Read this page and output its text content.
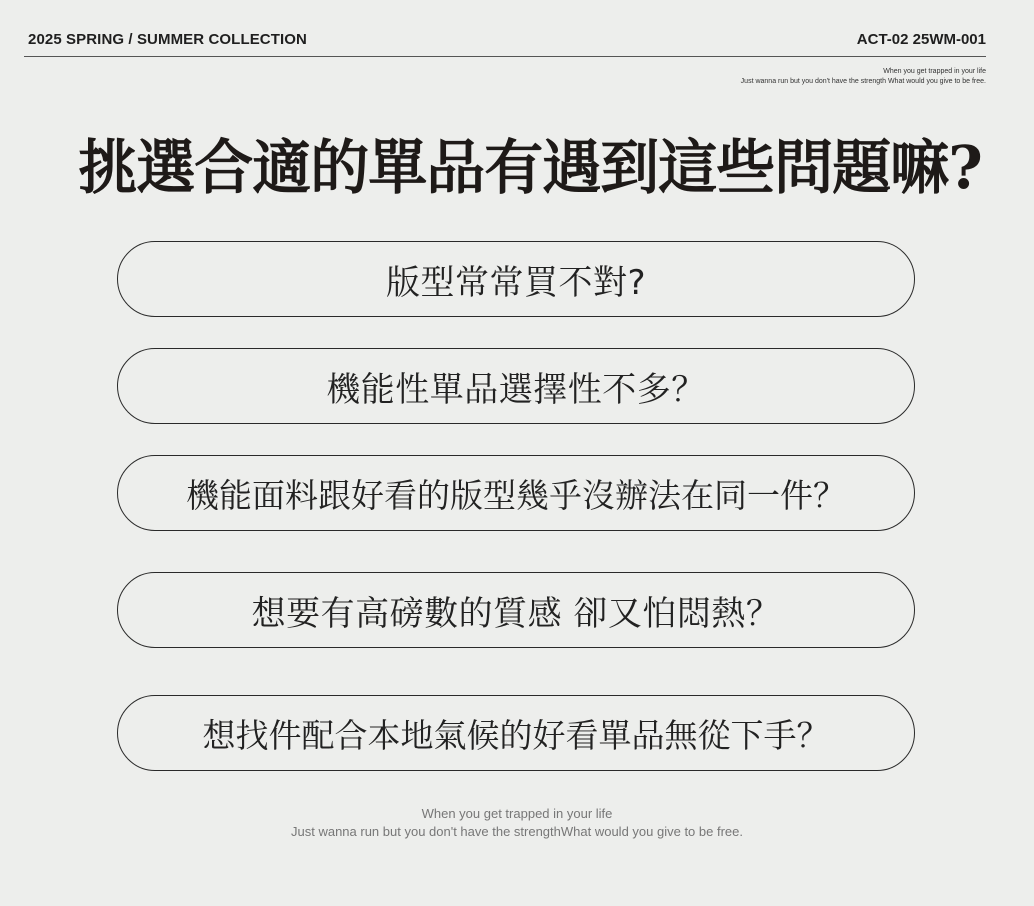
2025 SPRING / SUMMER COLLECTION	ACT-02 25WM-001
When you get trapped in your life
Just wanna run but you don't have the strength What would you give to be free.
挑選合適的單品有遇到這些問題嘛?
版型常常買不對?
機能性單品選擇性不多？
機能面料跟好看的版型幾乎沒辦法在同一件？
想要有高磅數的質感 卻又怕悶熱？
想找件配合本地氣候的好看單品無從下手？
When you get trapped in your life
Just wanna run but you don't have the strengthWhat would you give to be free.
